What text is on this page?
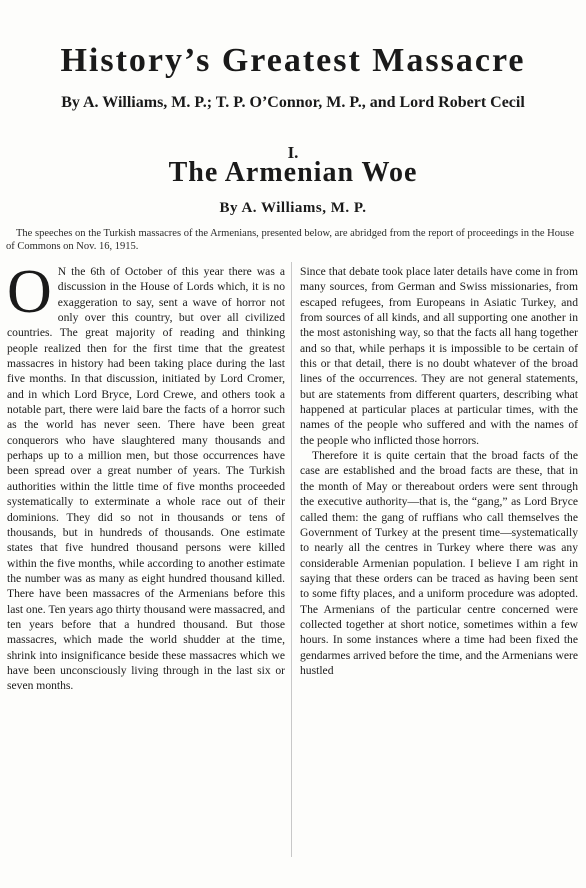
History’s Greatest Massacre

By A. Williams, M. P.; T. P. O’Connor, M. P., and Lord Robert Cecil

I.

The Armenian Woe

By A. Williams, M. P.

The speeches on the Turkish massacres of the Armenians, presented below, are abridged from the report of proceedings in the House of Commons on Nov. 16, 1915.

O N the 6th of October of this year there was a discussion in the House of Lords which, it is no exaggeration to say, sent a wave of horror not only over this country, but over all civilized countries. The great majority of reading and thinking people realized then for the first time that the greatest massacres in history had been taking place during the last five months. In that discussion, initiated by Lord Cromer, and in which Lord Bryce, Lord Crewe, and others took a notable part, there were laid bare the facts of a horror such as the world has never seen. There have been great conquerors who have slaughtered many thousands and perhaps up to a million men, but those occurrences have been spread over a great number of years. The Turkish authorities within the little time of five months proceeded systematically to exterminate a whole race out of their dominions. They did so not in thousands or tens of thousands, but in hundreds of thousands. One estimate states that five hundred thousand persons were killed within the five months, while according to another estimate the number was as many as eight hundred thousand killed. There have been massacres of the Armenians before this last one. Ten years ago thirty thousand were massacred, and ten years before that a hundred thousand. But those massacres, which made the world shudder at the time, shrink into insignificance beside these massacres which we have been unconsciously living through in the last six or seven months.

Since that debate took place later details have come in from many sources, from German and Swiss missionaries, from escaped refugees, from Europeans in Asiatic Turkey, and from sources of all kinds, and all supporting one another in the most astonishing way, so that the facts all hang together and so that, while perhaps it is impossible to be certain of this or that detail, there is no doubt whatever of the broad lines of the occurrences. They are not general statements, but are statements from different quarters, describing what happened at particular places at particular times, with the names of the people who suffered and with the names of the people who inflicted those horrors.

Therefore it is quite certain that the broad facts of the case are established and the broad facts are these, that in the month of May or thereabout orders were sent through the executive authority—that is, the “gang,” as Lord Bryce called them: the gang of ruffians who call themselves the Government of Turkey at the present time—systematically to nearly all the centres in Turkey where there was any considerable Armenian population. I believe I am right in saying that these orders can be traced as having been sent to some fifty places, and a uniform procedure was adopted. The Armenians of the particular centre concerned were collected together at short notice, sometimes within a few hours. In some instances where a time had been fixed the gendarmes arrived before the time, and the Armenians were hustled
